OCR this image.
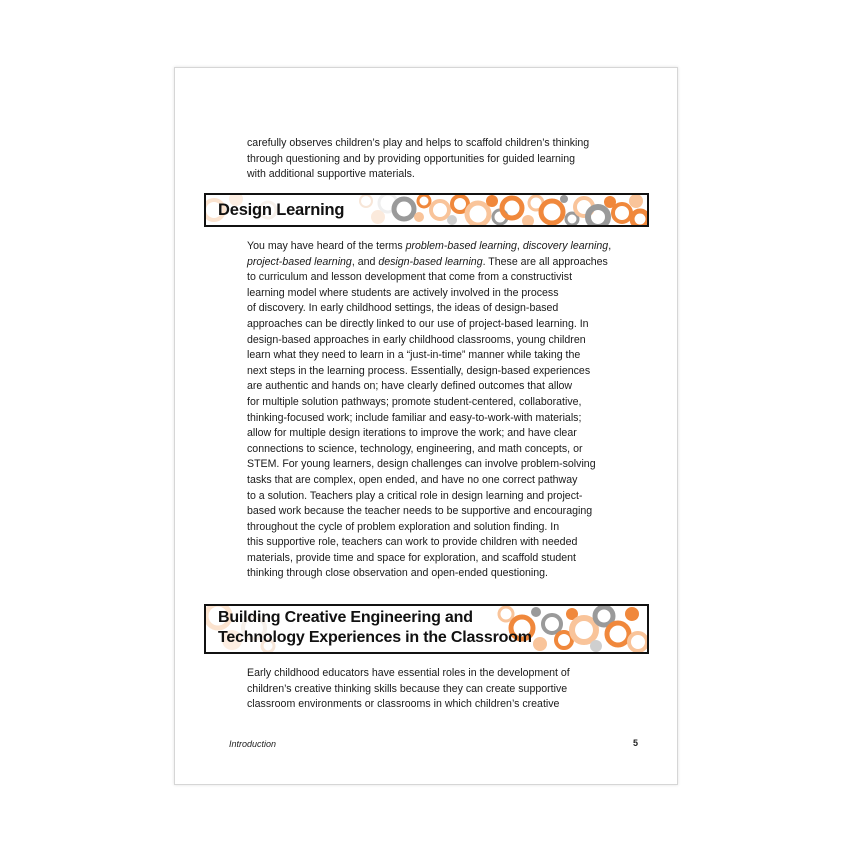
carefully observes children’s play and helps to scaffold children’s thinking
through questioning and by providing opportunities for guided learning
with additional supportive materials.

Design Learning

You may have heard of the terms problem-based learning, discovery learning,
project-based learning, and design-based learning. These are all approaches
to curriculum and lesson development that come from a constructivist
learning model where students are actively involved in the process
of discovery. In early childhood settings, the ideas of design-based
approaches can be directly linked to our use of project-based learning. In
design-based approaches in early childhood classrooms, young children
learn what they need to learn in a “just-in-time” manner while taking the
next steps in the learning process. Essentially, design-based experiences
are authentic and hands on; have clearly defined outcomes that allow
for multiple solution pathways; promote student-centered, collaborative,
thinking-focused work; include familiar and easy-to-work-with materials;
allow for multiple design iterations to improve the work; and have clear
connections to science, technology, engineering, and math concepts, or
STEM. For young learners, design challenges can involve problem-solving
tasks that are complex, open ended, and have no one correct pathway
to a solution. Teachers play a critical role in design learning and project-
based work because the teacher needs to be supportive and encouraging
throughout the cycle of problem exploration and solution finding. In
this supportive role, teachers can work to provide children with needed
materials, provide time and space for exploration, and scaffold student
thinking through close observation and open-ended questioning.

Building Creative Engineering and
Technology Experiences in the Classroom

Early childhood educators have essential roles in the development of
children’s creative thinking skills because they can create supportive
classroom environments or classrooms in which children’s creative

Introduction	5
